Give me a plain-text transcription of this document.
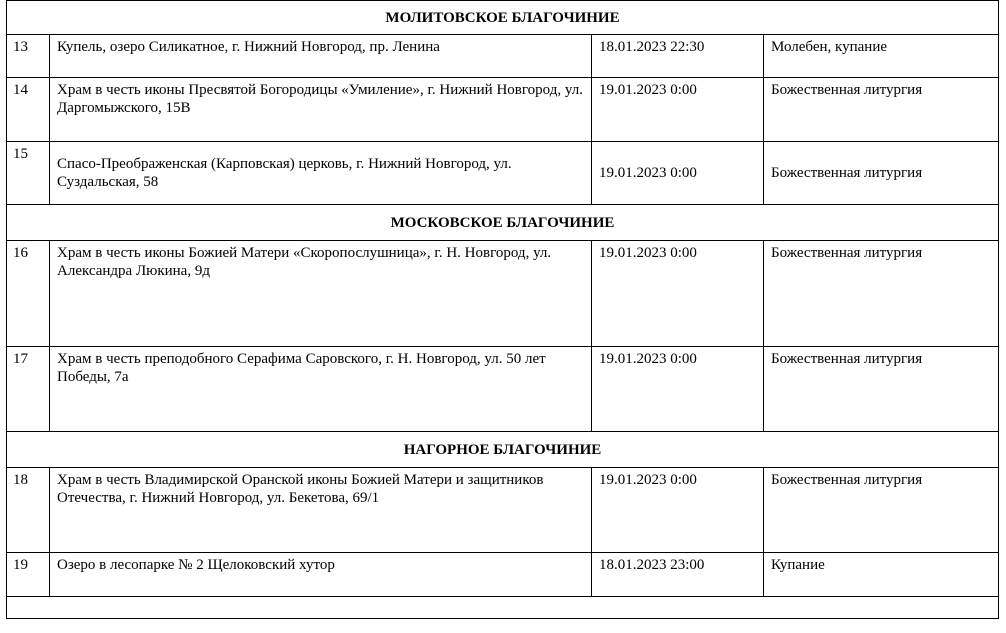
МОЛИТОВСКОЕ БЛАГОЧИНИЕ			
13	Купель, озеро Силикатное, г. Нижний Новгород, пр. Ленина	18.01.2023 22:30	Молебен, купание
14	Храм в честь иконы Пресвятой Богородицы «Умиление», г. Нижний Новгород, ул. Даргомыжского, 15В	19.01.2023 0:00	Божественная литургия
15	Спасо-Преображенская (Карповская) церковь, г. Нижний Новгород, ул. Суздальская, 58	19.01.2023 0:00	Божественная литургия
МОСКОВСКОЕ БЛАГОЧИНИЕ			
16	Храм в честь иконы Божией Матери «Скоропослушница», г. Н. Новгород, ул. Александра Люкина, 9д	19.01.2023 0:00	Божественная литургия
17	Храм в честь преподобного Серафима Саровского, г. Н. Новгород, ул. 50 лет Победы, 7а	19.01.2023 0:00	Божественная литургия
НАГОРНОЕ БЛАГОЧИНИЕ			
18	Храм в честь Владимирской Оранской иконы Божией Матери и защитников Отечества, г. Нижний Новгород, ул. Бекетова, 69/1	19.01.2023 0:00	Божественная литургия
19	Озеро в лесопарке № 2 Щелоковский хутор	18.01.2023 23:00	Купание
